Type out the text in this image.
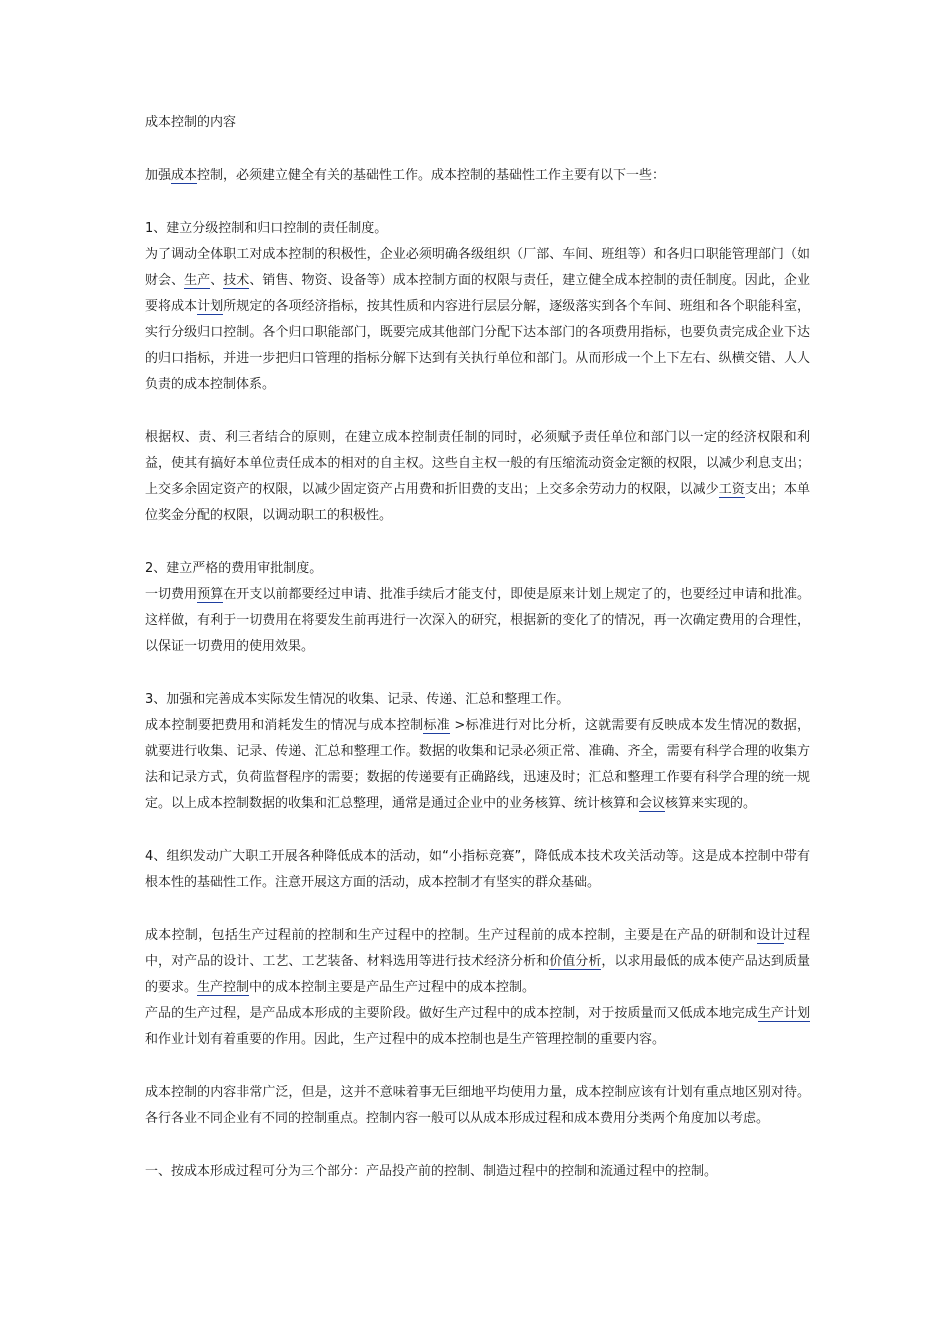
成本控制的内容

加强成本控制，必须建立健全有关的基础性工作。成本控制的基础性工作主要有以下一些：

1、建立分级控制和归口控制的责任制度。

为了调动全体职工对成本控制的积极性，企业必须明确各级组织（厂部、车间、班组等）和各归口职能管理部门（如财会、生产、技术、销售、物资、设备等）成本控制方面的权限与责任，建立健全成本控制的责任制度。因此，企业要将成本计划所规定的各项经济指标，按其性质和内容进行层层分解，逐级落实到各个车间、班组和各个职能科室，实行分级归口控制。各个归口职能部门，既要完成其他部门分配下达本部门的各项费用指标，也要负责完成企业下达的归口指标，并进一步把归口管理的指标分解下达到有关执行单位和部门。从而形成一个上下左右、纵横交错、人人负责的成本控制体系。

根据权、责、利三者结合的原则，在建立成本控制责任制的同时，必须赋予责任单位和部门以一定的经济权限和利益，使其有搞好本单位责任成本的相对的自主权。这些自主权一般的有压缩流动资金定额的权限，以减少利息支出；上交多余固定资产的权限，以减少固定资产占用费和折旧费的支出；上交多余劳动力的权限，以减少工资支出；本单位奖金分配的权限，以调动职工的积极性。

2、建立严格的费用审批制度。

一切费用预算在开支以前都要经过申请、批准手续后才能支付，即使是原来计划上规定了的，也要经过申请和批准。这样做，有利于一切费用在将要发生前再进行一次深入的研究，根据新的变化了的情况，再一次确定费用的合理性，以保证一切费用的使用效果。

3、加强和完善成本实际发生情况的收集、记录、传递、汇总和整理工作。

成本控制要把费用和消耗发生的情况与成本控制标准 >标准进行对比分析，这就需要有反映成本发生情况的数据，就要进行收集、记录、传递、汇总和整理工作。数据的收集和记录必须正常、准确、齐全，需要有科学合理的收集方法和记录方式，负荷监督程序的需要；数据的传递要有正确路线，迅速及时；汇总和整理工作要有科学合理的统一规定。以上成本控制数据的收集和汇总整理，通常是通过企业中的业务核算、统计核算和会议核算来实现的。

4、组织发动广大职工开展各种降低成本的活动，如“小指标竞赛”，降低成本技术攻关活动等。这是成本控制中带有根本性的基础性工作。注意开展这方面的活动，成本控制才有坚实的群众基础。

成本控制，包括生产过程前的控制和生产过程中的控制。生产过程前的成本控制，主要是在产品的研制和设计过程中，对产品的设计、工艺、工艺装备、材料选用等进行技术经济分析和价值分析，以求用最低的成本使产品达到质量的要求。生产控制中的成本控制主要是产品生产过程中的成本控制。

产品的生产过程，是产品成本形成的主要阶段。做好生产过程中的成本控制，对于按质量而又低成本地完成生产计划和作业计划有着重要的作用。因此，生产过程中的成本控制也是生产管理控制的重要内容。

成本控制的内容非常广泛，但是，这并不意味着事无巨细地平均使用力量，成本控制应该有计划有重点地区别对待。各行各业不同企业有不同的控制重点。控制内容一般可以从成本形成过程和成本费用分类两个角度加以考虑。

一、按成本形成过程可分为三个部分：产品投产前的控制、制造过程中的控制和流通过程中的控制。
